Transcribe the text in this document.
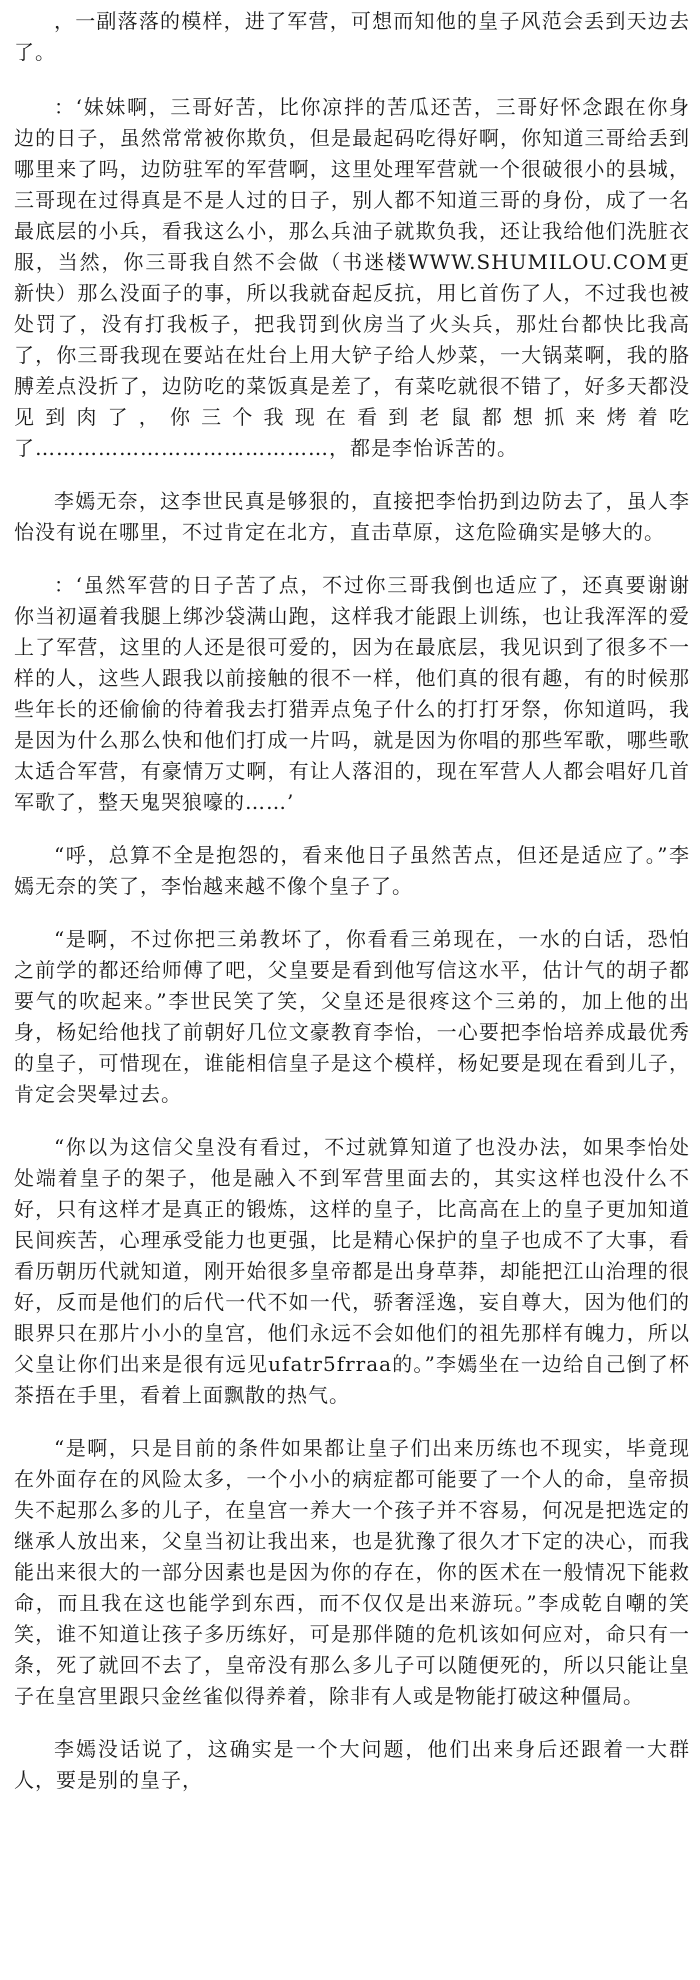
，一副落落的模样，进了军营，可想而知他的皇子风范会丢到天边去了。

：‘妹妹啊，三哥好苦，比你凉拌的苦瓜还苦，三哥好怀念跟在你身边的日子，虽然常常被你欺负，但是最起码吃得好啊，你知道三哥给丢到哪里来了吗，边防驻军的军营啊，这里处理军营就一个很破很小的县城，三哥现在过得真是不是人过的日子，别人都不知道三哥的身份，成了一名最底层的小兵，看我这么小，那么兵油子就欺负我，还让我给他们洗脏衣服，当然，你三哥我自然不会做（书迷楼WWW.SHUMILOU.COM更新快）那么没面子的事，所以我就奋起反抗，用匕首伤了人，不过我也被处罚了，没有打我板子，把我罚到伙房当了火头兵，那灶台都快比我高了，你三哥我现在要站在灶台上用大铲子给人炒菜，一大锅菜啊，我的胳膊差点没折了，边防吃的菜饭真是差了，有菜吃就很不错了，好多天都没见到肉了，你三个我现在看到老鼠都想抓来烤着吃了……………………………………，都是李怡诉苦的。

李嫣无奈，这李世民真是够狠的，直接把李怡扔到边防去了，虽人李怡没有说在哪里，不过肯定在北方，直击草原，这危险确实是够大的。

：‘虽然军营的日子苦了点，不过你三哥我倒也适应了，还真要谢谢你当初逼着我腿上绑沙袋满山跑，这样我才能跟上训练，也让我浑浑的爱上了军营，这里的人还是很可爱的，因为在最底层，我见识到了很多不一样的人，这些人跟我以前接触的很不一样，他们真的很有趣，有的时候那些年长的还偷偷的待着我去打猎弄点兔子什么的打打牙祭，你知道吗，我是因为什么那么快和他们打成一片吗，就是因为你唱的那些军歌，哪些歌太适合军营，有豪情万丈啊，有让人落泪的，现在军营人人都会唱好几首军歌了，整天鬼哭狼嚎的……’

“呼，总算不全是抱怨的，看来他日子虽然苦点，但还是适应了。”李嫣无奈的笑了，李怡越来越不像个皇子了。

“是啊，不过你把三弟教坏了，你看看三弟现在，一水的白话，恐怕之前学的都还给师傅了吧，父皇要是看到他写信这水平，估计气的胡子都要气的吹起来。”李世民笑了笑，父皇还是很疼这个三弟的，加上他的出身，杨妃给他找了前朝好几位文豪教育李怡，一心要把李怡培养成最优秀的皇子，可惜现在，谁能相信皇子是这个模样，杨妃要是现在看到儿子，肯定会哭晕过去。

“你以为这信父皇没有看过，不过就算知道了也没办法，如果李怡处处端着皇子的架子，他是融入不到军营里面去的，其实这样也没什么不好，只有这样才是真正的锻炼，这样的皇子，比高高在上的皇子更加知道民间疾苦，心理承受能力也更强，比是精心保护的皇子也成不了大事，看看历朝历代就知道，刚开始很多皇帝都是出身草莽，却能把江山治理的很好，反而是他们的后代一代不如一代，骄奢淫逸，妄自尊大，因为他们的眼界只在那片小小的皇宫，他们永远不会如他们的祖先那样有魄力，所以父皇让你们出来是很有远见ufatr5frraa的。”李嫣坐在一边给自己倒了杯茶捂在手里，看着上面飘散的热气。

“是啊，只是目前的条件如果都让皇子们出来历练也不现实，毕竟现在外面存在的风险太多，一个小小的病症都可能要了一个人的命，皇帝损失不起那么多的儿子，在皇宫一养大一个孩子并不容易，何况是把选定的继承人放出来，父皇当初让我出来，也是犹豫了很久才下定的决心，而我能出来很大的一部分因素也是因为你的存在，你的医术在一般情况下能救命，而且我在这也能学到东西，而不仅仅是出来游玩。”李成乾自嘲的笑笑，谁不知道让孩子多历练好，可是那伴随的危机该如何应对，命只有一条，死了就回不去了，皇帝没有那么多儿子可以随便死的，所以只能让皇子在皇宫里跟只金丝雀似得养着，除非有人或是物能打破这种僵局。

李嫣没话说了，这确实是一个大问题，他们出来身后还跟着一大群人，要是别的皇子，
